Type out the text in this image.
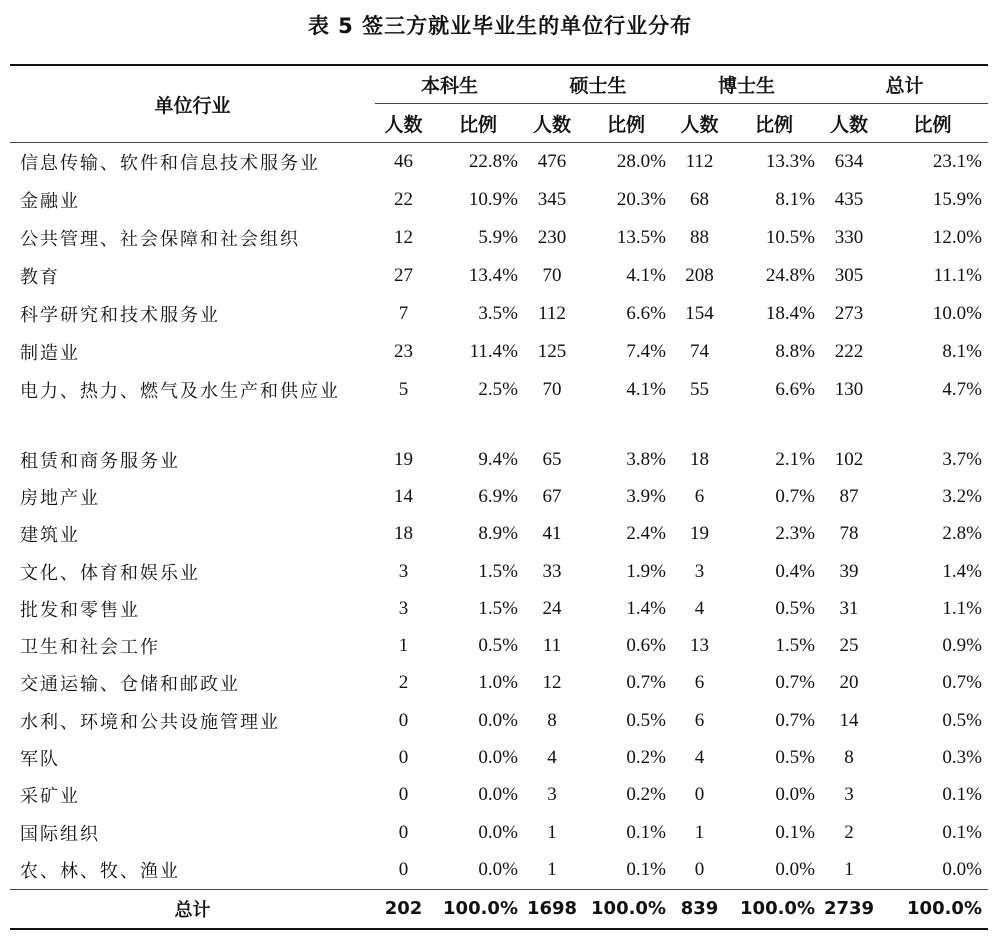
表 5 签三方就业毕业生的单位行业分布

单位行业	本科生		硕士生		博士生		总计	
	人数	比例	人数	比例	人数	比例	人数	比例
信息传输、软件和信息技术服务业	46	22.8%	476	28.0%	112	13.3%	634	23.1%
金融业	22	10.9%	345	20.3%	68	8.1%	435	15.9%
公共管理、社会保障和社会组织	12	5.9%	230	13.5%	88	10.5%	330	12.0%
教育	27	13.4%	70	4.1%	208	24.8%	305	11.1%
科学研究和技术服务业	7	3.5%	112	6.6%	154	18.4%	273	10.0%
制造业	23	11.4%	125	7.4%	74	8.8%	222	8.1%
电力、热力、燃气及水生产和供应业	5	2.5%	70	4.1%	55	6.6%	130	4.7%

租赁和商务服务业	19	9.4%	65	3.8%	18	2.1%	102	3.7%
房地产业	14	6.9%	67	3.9%	6	0.7%	87	3.2%
建筑业	18	8.9%	41	2.4%	19	2.3%	78	2.8%
文化、体育和娱乐业	3	1.5%	33	1.9%	3	0.4%	39	1.4%
批发和零售业	3	1.5%	24	1.4%	4	0.5%	31	1.1%
卫生和社会工作	1	0.5%	11	0.6%	13	1.5%	25	0.9%
交通运输、仓储和邮政业	2	1.0%	12	0.7%	6	0.7%	20	0.7%
水利、环境和公共设施管理业	0	0.0%	8	0.5%	6	0.7%	14	0.5%
军队	0	0.0%	4	0.2%	4	0.5%	8	0.3%
采矿业	0	0.0%	3	0.2%	0	0.0%	3	0.1%
国际组织	0	0.0%	1	0.1%	1	0.1%	2	0.1%
农、林、牧、渔业	0	0.0%	1	0.1%	0	0.0%	1	0.0%
总计	202	100.0%	1698	100.0%	839	100.0%	2739	100.0%
